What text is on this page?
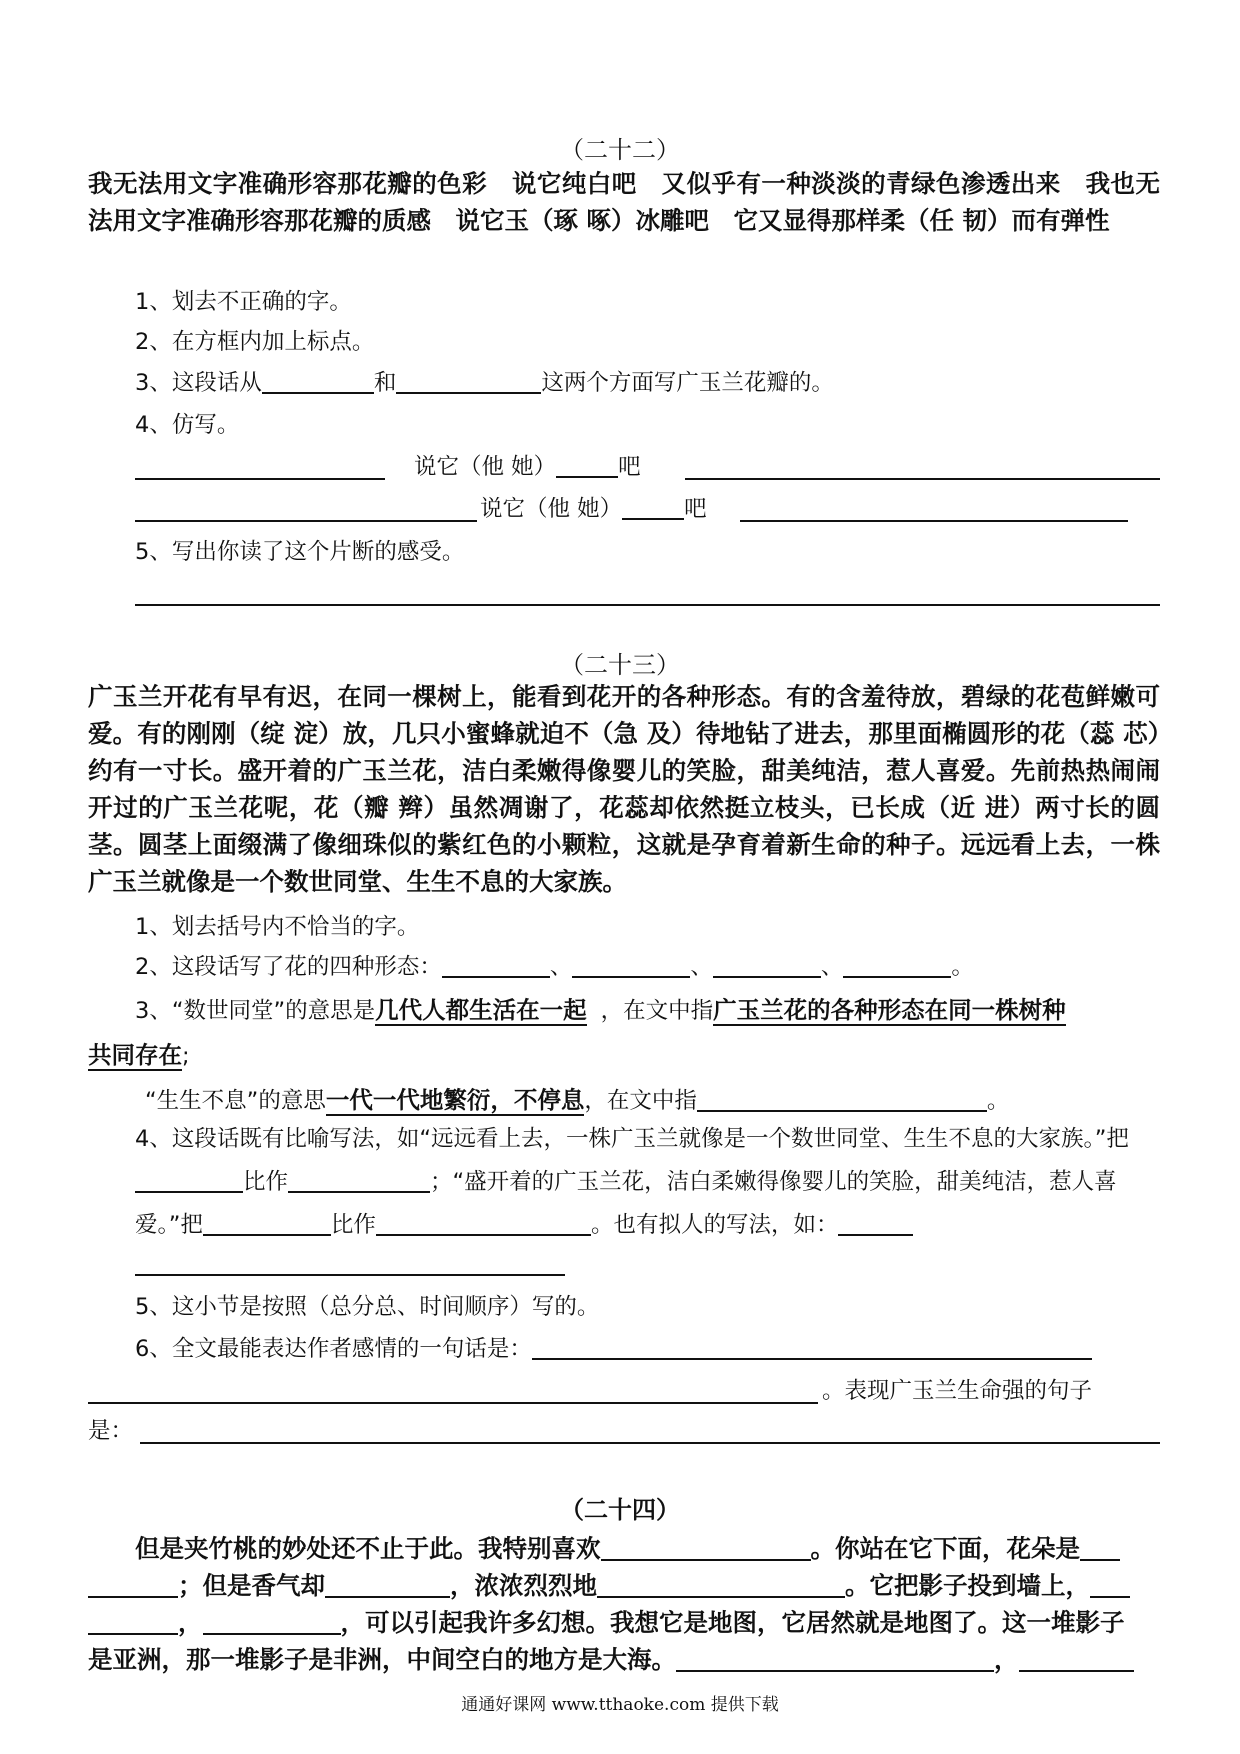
（二十二）
我无法用文字准确形容那花瓣的色彩　说它纯白吧　又似乎有一种淡淡的青绿色渗透出来　我也无法用文字准确形容那花瓣的质感　说它玉（琢 啄）冰雕吧　它又显得那样柔（任 韧）而有弹性
1、划去不正确的字。
2、在方框内加上标点。
3、这段话从	和	这两个方面写广玉兰花瓣的。
4、仿写。
说它（他 她）	吧
说它（他 她）	吧
5、写出你读了这个片断的感受。
（二十三）
广玉兰开花有早有迟，在同一棵树上，能看到花开的各种形态。有的含羞待放，碧绿的花苞鲜嫩可爱。有的刚刚（绽 淀）放，几只小蜜蜂就迫不（急 及）待地钻了进去，那里面椭圆形的花（蕊 芯）约有一寸长。盛开着的广玉兰花，洁白柔嫩得像婴儿的笑脸，甜美纯洁，惹人喜爱。先前热热闹闹开过的广玉兰花呢，花（瓣 辫）虽然凋谢了，花蕊却依然挺立枝头，已长成（近 进）两寸长的圆茎。圆茎上面缀满了像细珠似的紫红色的小颗粒，这就是孕育着新生命的种子。远远看上去，一株广玉兰就像是一个数世同堂、生生不息的大家族。
1、划去括号内不恰当的字。
2、这段话写了花的四种形态：	、	、	、	。
3、“数世同堂”的意思是几代人都生活在一起 ，在文中指广玉兰花的各种形态在同一株树种
共同存在;
“生生不息”的意思一代一代地繁衍，不停息，在文中指	。
4、这段话既有比喻写法，如“远远看上去，一株广玉兰就像是一个数世同堂、生生不息的大家族。”把比作	；“盛开着的广玉兰花，洁白柔嫩得像婴儿的笑脸，甜美纯洁，惹人喜爱。”把	比作	。也有拟人的写法，如：
5、这小节是按照（总分总、时间顺序）写的。
6、全文最能表达作者感情的一句话是：
。表现广玉兰生命强的句子
是：
（二十四）
但是夹竹桃的妙处还不止于此。我特别喜欢	。你站在它下面，花朵是
；但是香气却	，浓浓烈烈地	。它把影子投到墙上，
，	，可以引起我许多幻想。我想它是地图，它居然就是地图了。这一堆影子
是亚洲，那一堆影子是非洲，中间空白的地方是大海。	，
通通好课网 www.tthaoke.com 提供下载
